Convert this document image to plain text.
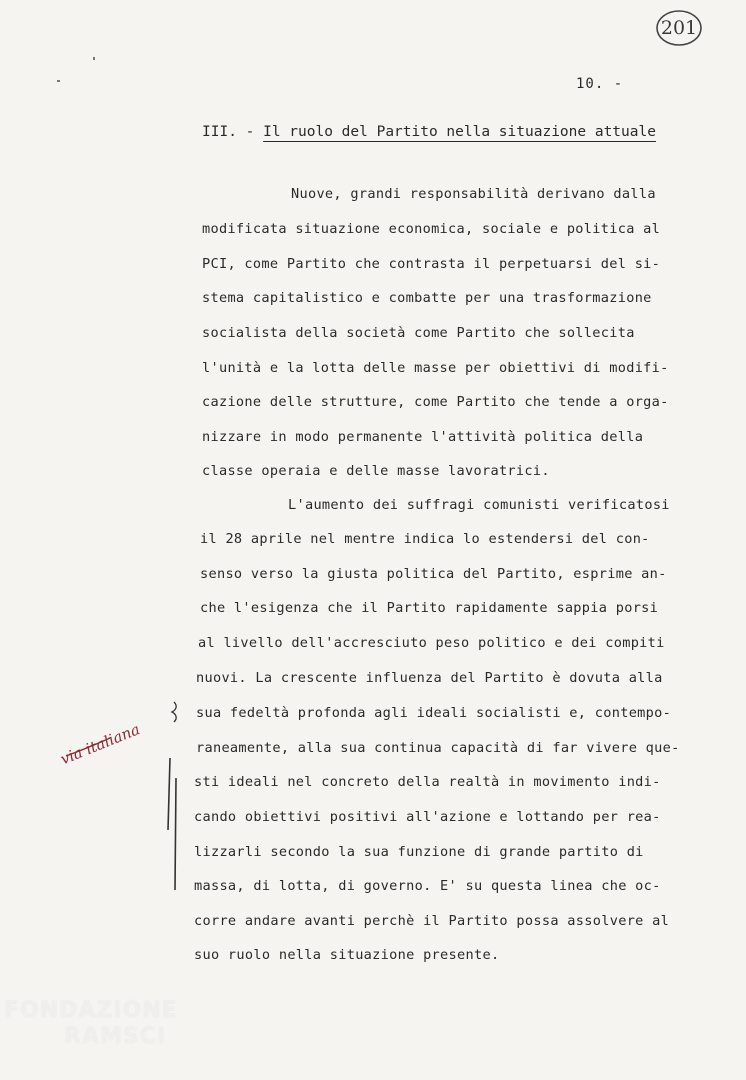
201
10. -
III. - Il ruolo del Partito nella situazione attuale
Nuove, grandi responsabilità derivano dalla
modificata situazione economica, sociale e politica al
PCI, come Partito che contrasta il perpetuarsi del si-
stema capitalistico e combatte per una trasformazione
socialista della società come Partito che sollecita
l'unità e la lotta delle masse per obiettivi di modifi-
cazione delle strutture, come Partito che tende a orga-
nizzare in modo permanente l'attività politica della
classe operaia e delle masse lavoratrici.
L'aumento dei suffragi comunisti verificatosi
il 28 aprile nel mentre indica lo estendersi del con-
senso verso la giusta politica del Partito, esprime an-
che l'esigenza che il Partito rapidamente sappia porsi
al livello dell'accresciuto peso politico e dei compiti
nuovi. La crescente influenza del Partito è dovuta alla
sua fedeltà profonda agli ideali socialisti e, contempo-
raneamente, alla sua continua capacità di far vivere que-
sti ideali nel concreto della realtà in movimento indi-
cando obiettivi positivi all'azione e lottando per rea-
lizzarli secondo la sua funzione di grande partito di
massa, di lotta, di governo. E' su questa linea che oc-
corre andare avanti perchè il Partito possa assolvere al
suo ruolo nella situazione presente.
via italiana
FONDAZIONE
RAMSCI
